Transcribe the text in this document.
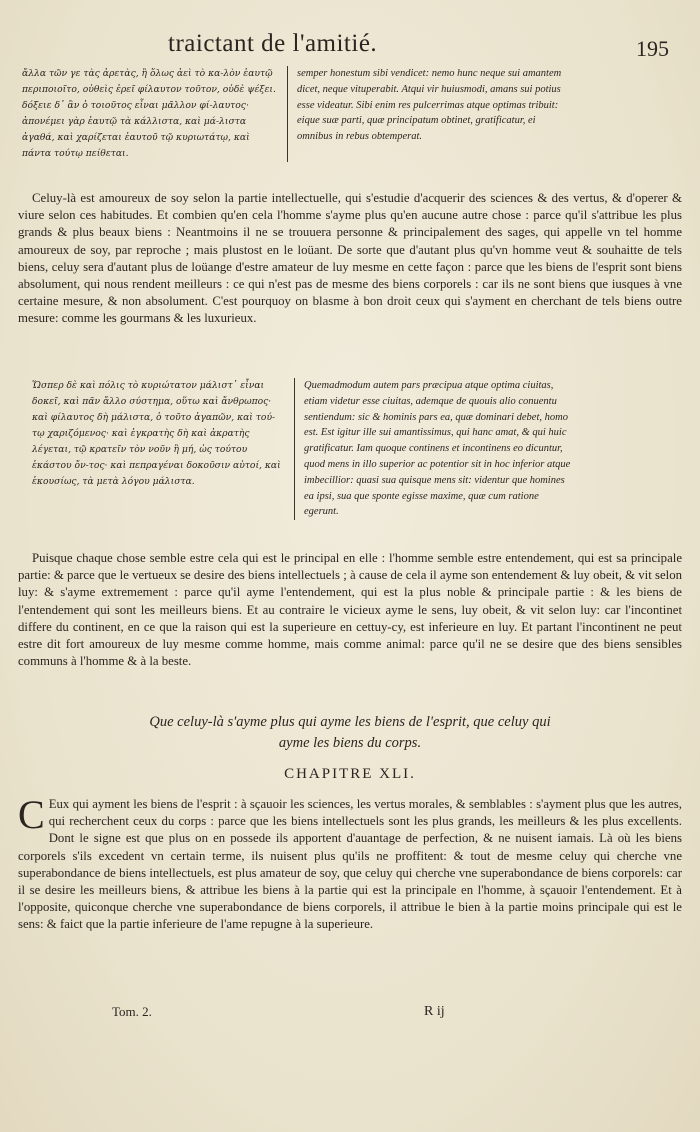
traictant de l'amitié.	195

ἄλλα τῶν γε τὰς ἀρετὰς, ἢ ὅλως ἀεὶ τὸ κα-λὸν ἑαυτῷ περιποιοῖτο, οὐθεὶς ἐρεῖ φίλαυτον τοῦτον, οὐδὲ ψέξει. δόξειε δ᾽ ἂν ὁ τοιοῦτος εἶναι μᾶλλον φί-λαυτος· ἀπονέμει γὰρ ἑαυτῷ τὰ κάλλιστα, καὶ μά-λιστα ἀγαθά, καὶ χαρίζεται ἑαυτοῦ τῷ κυριωτάτῳ, καὶ πάντα τούτῳ πείθεται.

semper honestum sibi vendicet: nemo hunc neque sui amantem dicet, neque vituperabit. Atqui vir huiusmodi, amans sui potius esse videatur. Sibi enim res pulcerrimas atque optimas tribuit: eique suæ parti, quæ principatum obtinet, gratificatur, ei omnibus in rebus obtemperat.

Celuy-là est amoureux de soy selon la partie intellectuelle, qui s'estudie d'acquerir des sciences & des vertus, & d'operer & viure selon ces habitudes. Et combien qu'en cela l'homme s'ayme plus qu'en aucune autre chose : parce qu'il s'attribue les plus grands & plus beaux biens : Neantmoins il ne se trouuera personne & principalement des sages, qui appelle vn tel homme amoureux de soy, par reproche ; mais plustost en le loüant. De sorte que d'autant plus qu'vn homme veut & souhaitte de tels biens, celuy sera d'autant plus de loüange d'estre amateur de luy mesme en cette façon : parce que les biens de l'esprit sont biens absolument, qui nous rendent meilleurs : ce qui n'est pas de mesme des biens corporels : car ils ne sont biens que iusques à vne certaine mesure, & non absolument. C'est pourquoy on blasme à bon droit ceux qui s'ayment en cherchant de tels biens outre mesure: comme les gourmans & les luxurieux.

Ὥσπερ δὲ καὶ πόλις τὸ κυριώτατον μάλιστ᾽ εἶναι δοκεῖ, καὶ πᾶν ἄλλο σύστημα, οὕτω καὶ ἄνθρωπος· καὶ φίλαυτος δὴ μάλιστα, ὁ τοῦτο ἀγαπῶν, καὶ τού-τῳ χαριζόμενος· καὶ ἐγκρατὴς δὴ καὶ ἀκρατὴς λέγεται, τῷ κρατεῖν τὸν νοῦν ἢ μή, ὡς τούτου ἑκάστου ὄν-τος· καὶ πεπραγέναι δοκοῦσιν αὐτοί, καὶ ἑκουσίως, τὰ μετὰ λόγου μάλιστα.

Quemadmodum autem pars præcipua atque optima ciuitas, etiam videtur esse ciuitas, ademque de quouis alio conuentu sentiendum: sic & hominis pars ea, quæ dominari debet, homo est. Est igitur ille sui amantissimus, qui hanc amat, & qui huic gratificatur. Iam quoque continens et incontinens eo dicuntur, quod mens in illo superior ac potentior sit in hoc inferior atque imbecillior: quasi sua quisque mens sit: videntur que homines ea ipsi, sua que sponte egisse maxime, quæ cum ratione egerunt.

Puisque chaque chose semble estre cela qui est le principal en elle : l'homme semble estre entendement, qui est sa principale partie: & parce que le vertueux se desire des biens intellectuels ; à cause de cela il ayme son entendement & luy obeit, & vit selon luy: & s'ayme extremement : parce qu'il ayme l'entendement, qui est la plus noble & principale partie : & les biens de l'entendement qui sont les meilleurs biens. Et au contraire le vicieux ayme le sens, luy obeit, & vit selon luy: car l'incontinet differe du continent, en ce que la raison qui est la superieure en cettuy-cy, est inferieure en luy. Et partant l'incontinent ne peut estre dit fort amoureux de luy mesme comme homme, mais comme animal: parce qu'il ne se desire que des biens sensibles communs à l'homme & à la beste.

Que celuy-là s'ayme plus qui ayme les biens de l'esprit, que celuy qui
ayme les biens du corps.
CHAPITRE XLI.
C Eux qui ayment les biens de l'esprit : à sçauoir les sciences, les vertus morales, & semblables : s'ayment plus que les autres, qui recherchent ceux du corps : parce que les biens intellectuels sont les plus grands, les meilleurs & les plus excellents. Dont le signe est que plus on en possede ils apportent d'auantage de perfection, & ne nuisent iamais. Là où les biens corporels s'ils excedent vn certain terme, ils nuisent plus qu'ils ne proffitent: & tout de mesme celuy qui cherche vne superabondance de biens intellectuels, est plus amateur de soy, que celuy qui cherche vne superabondance de biens corporels: car il se desire les meilleurs biens, & attribue les biens à la partie qui est la principale en l'homme, à sçauoir l'entendement. Et à l'opposite, quiconque cherche vne superabondance de biens corporels, il attribue le bien à la partie moins principale qui est le sens: & faict que la partie inferieure de l'ame repugne à la superieure.
Tom. 2.	R ij
